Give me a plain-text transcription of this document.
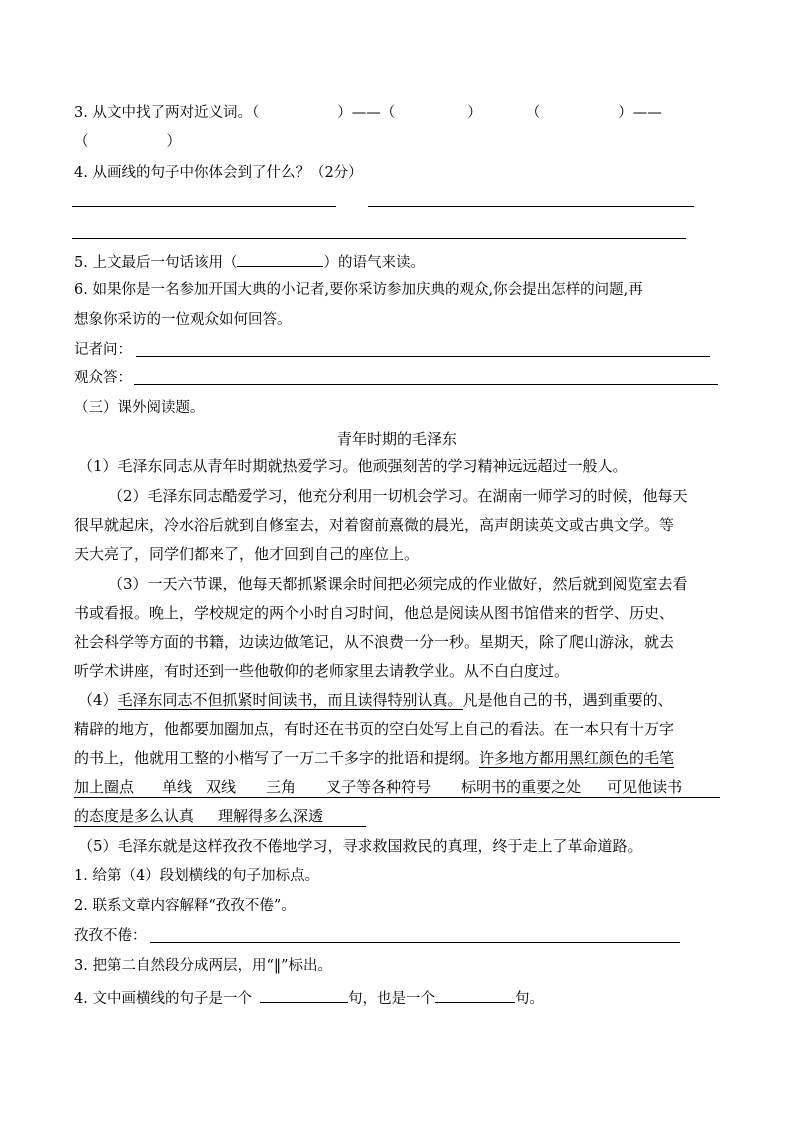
3. 从文中找了两对近义词。（	）——（	）	（	）——
（	）
4. 从画线的句子中你体会到了什么？（2分）
5. 上文最后一句话该用（	）的语气来读。
6. 如果你是一名参加开国大典的小记者,要你采访参加庆典的观众,你会提出怎样的问题,再
想象你采访的一位观众如何回答。
记者问：
观众答：
（三）课外阅读题。
青年时期的毛泽东
（1）毛泽东同志从青年时期就热爱学习。他顽强刻苦的学习精神远远超过一般人。
（2）毛泽东同志酷爱学习，他充分利用一切机会学习。在湖南一师学习的时候，他每天
很早就起床，冷水浴后就到自修室去，对着窗前熹微的晨光，高声朗读英文或古典文学。等
天大亮了，同学们都来了，他才回到自己的座位上。
（3）一天六节课，他每天都抓紧课余时间把必须完成的作业做好，然后就到阅览室去看
书或看报。晚上，学校规定的两个小时自习时间，他总是阅读从图书馆借来的哲学、历史、
社会科学等方面的书籍，边读边做笔记，从不浪费一分一秒。星期天，除了爬山游泳，就去
听学术讲座，有时还到一些他敬仰的老师家里去请教学业。从不白白度过。
（4）毛泽东同志不但抓紧时间读书，而且读得特别认真。凡是他自己的书，遇到重要的、
精辟的地方，他都要加圈加点，有时还在书页的空白处写上自己的看法。在一本只有十万字
的书上，他就用工整的小楷写了一万二千多字的批语和提纲。许多地方都用黑红颜色的毛笔
加上圈点 单线 双线 三角 叉子等各种符号 标明书的重要之处 可见他读书
的态度是多么认真 理解得多么深透
（5）毛泽东就是这样孜孜不倦地学习，寻求救国救民的真理，终于走上了革命道路。
1. 给第（4）段划横线的句子加标点。
2. 联系文章内容解释“孜孜不倦”。
孜孜不倦：
3. 把第二自然段分成两层，用“‖”标出。
4. 文中画横线的句子是一个	句，也是一个	句。
